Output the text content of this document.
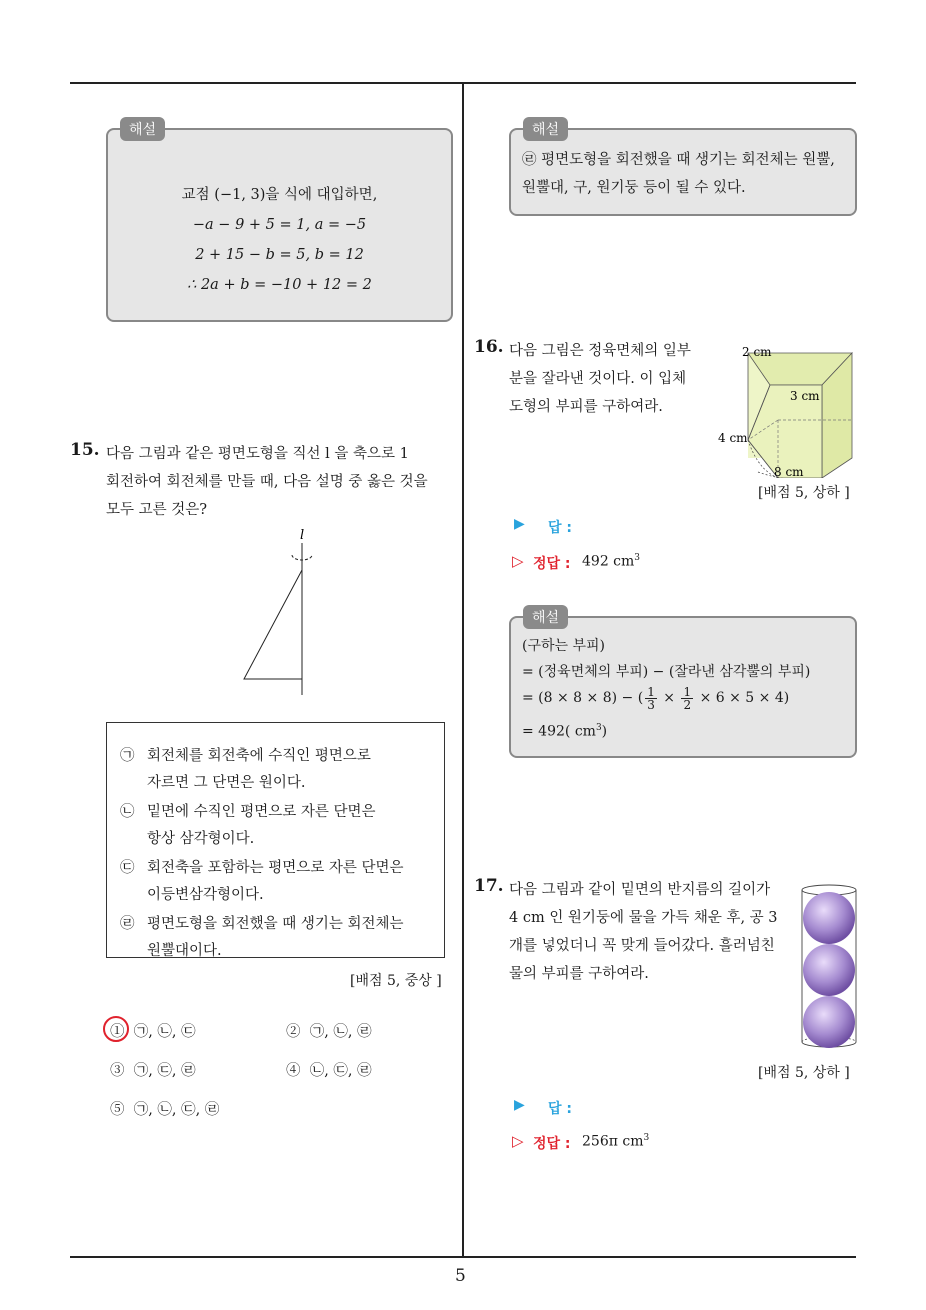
5
해설
교점 (−1, 3)을 식에 대입하면,
−a − 9 + 5 = 1, a = −5
2 + 15 − b = 5, b = 12
∴ 2a + b = −10 + 12 = 2
15. 다음 그림과 같은 평면도형을 직선 l 을 축으로 1
회전하여 회전체를 만들 때, 다음 설명 중 옳은 것을
모두 고른 것은?
l
㉠ 회전체를 회전축에 수직인 평면으로
자르면 그 단면은 원이다.
㉡ 밑면에 수직인 평면으로 자른 단면은
항상 삼각형이다.
㉢ 회전축을 포함하는 평면으로 자른 단면은
이등변삼각형이다.
㉣ 평면도형을 회전했을 때 생기는 회전체는
원뿔대이다.
[배점 5, 중상 ]
① ㉠, ㉡, ㉢	② ㉠, ㉡, ㉣
③ ㉠, ㉢, ㉣	④ ㉡, ㉢, ㉣
⑤ ㉠, ㉡, ㉢, ㉣
해설
㉣ 평면도형을 회전했을 때 생기는 회전체는 원뿔,
원뿔대, 구, 원기둥 등이 될 수 있다.
16. 다음 그림은 정육면체의 일부
분을 잘라낸 것이다. 이 입체
도형의 부피를 구하여라.
2 cm
3 cm
4 cm
8 cm
[배점 5, 상하 ]
▶ 답 :
▷ 정답 : 492 $cm^3$
해설
(구하는 부피)
= (정육면체의 부피) − (잘라낸 삼각뿔의 부피)
= (8 × 8 × 8) − ( $\frac{1}{3} \times \frac{1}{2} \times 6 \times 5 \times 4$)
= 492( $cm^3$)
17. 다음 그림과 같이 밑면의 반지름의 길이가
4 cm 인 원기둥에 물을 가득 채운 후, 공 3
개를 넣었더니 꼭 맞게 들어갔다. 흘러넘친
물의 부피를 구하여라.
[배점 5, 상하 ]
▶ 답 :
▷ 정답 : 256π $cm^3$
